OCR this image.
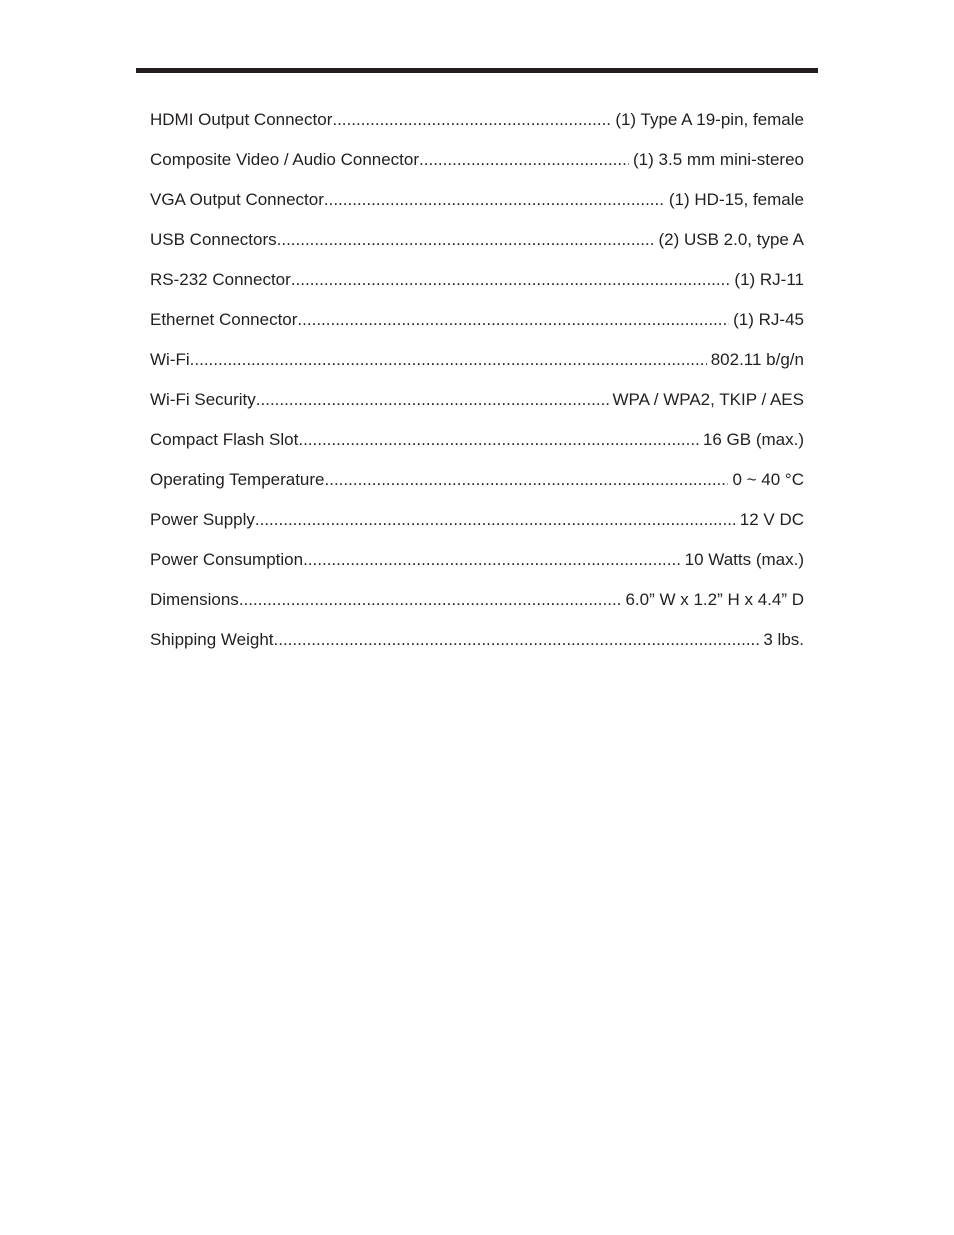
HDMI Output Connector .....	(1) Type A 19-pin, female
Composite Video / Audio Connector .....	(1) 3.5 mm mini-stereo
VGA Output Connector .....	(1) HD-15, female
USB Connectors .....	(2) USB 2.0, type A
RS-232 Connector .....	(1) RJ-11
Ethernet Connector .....	(1) RJ-45
Wi-Fi .....	802.11 b/g/n
Wi-Fi Security .....	WPA / WPA2, TKIP / AES
Compact Flash Slot .....	16 GB (max.)
Operating Temperature .....	0 ~ 40 °C
Power Supply .....	12 V DC
Power Consumption .....	10 Watts (max.)
Dimensions .....	6.0” W x 1.2” H x 4.4” D
Shipping Weight .....	3 lbs.
